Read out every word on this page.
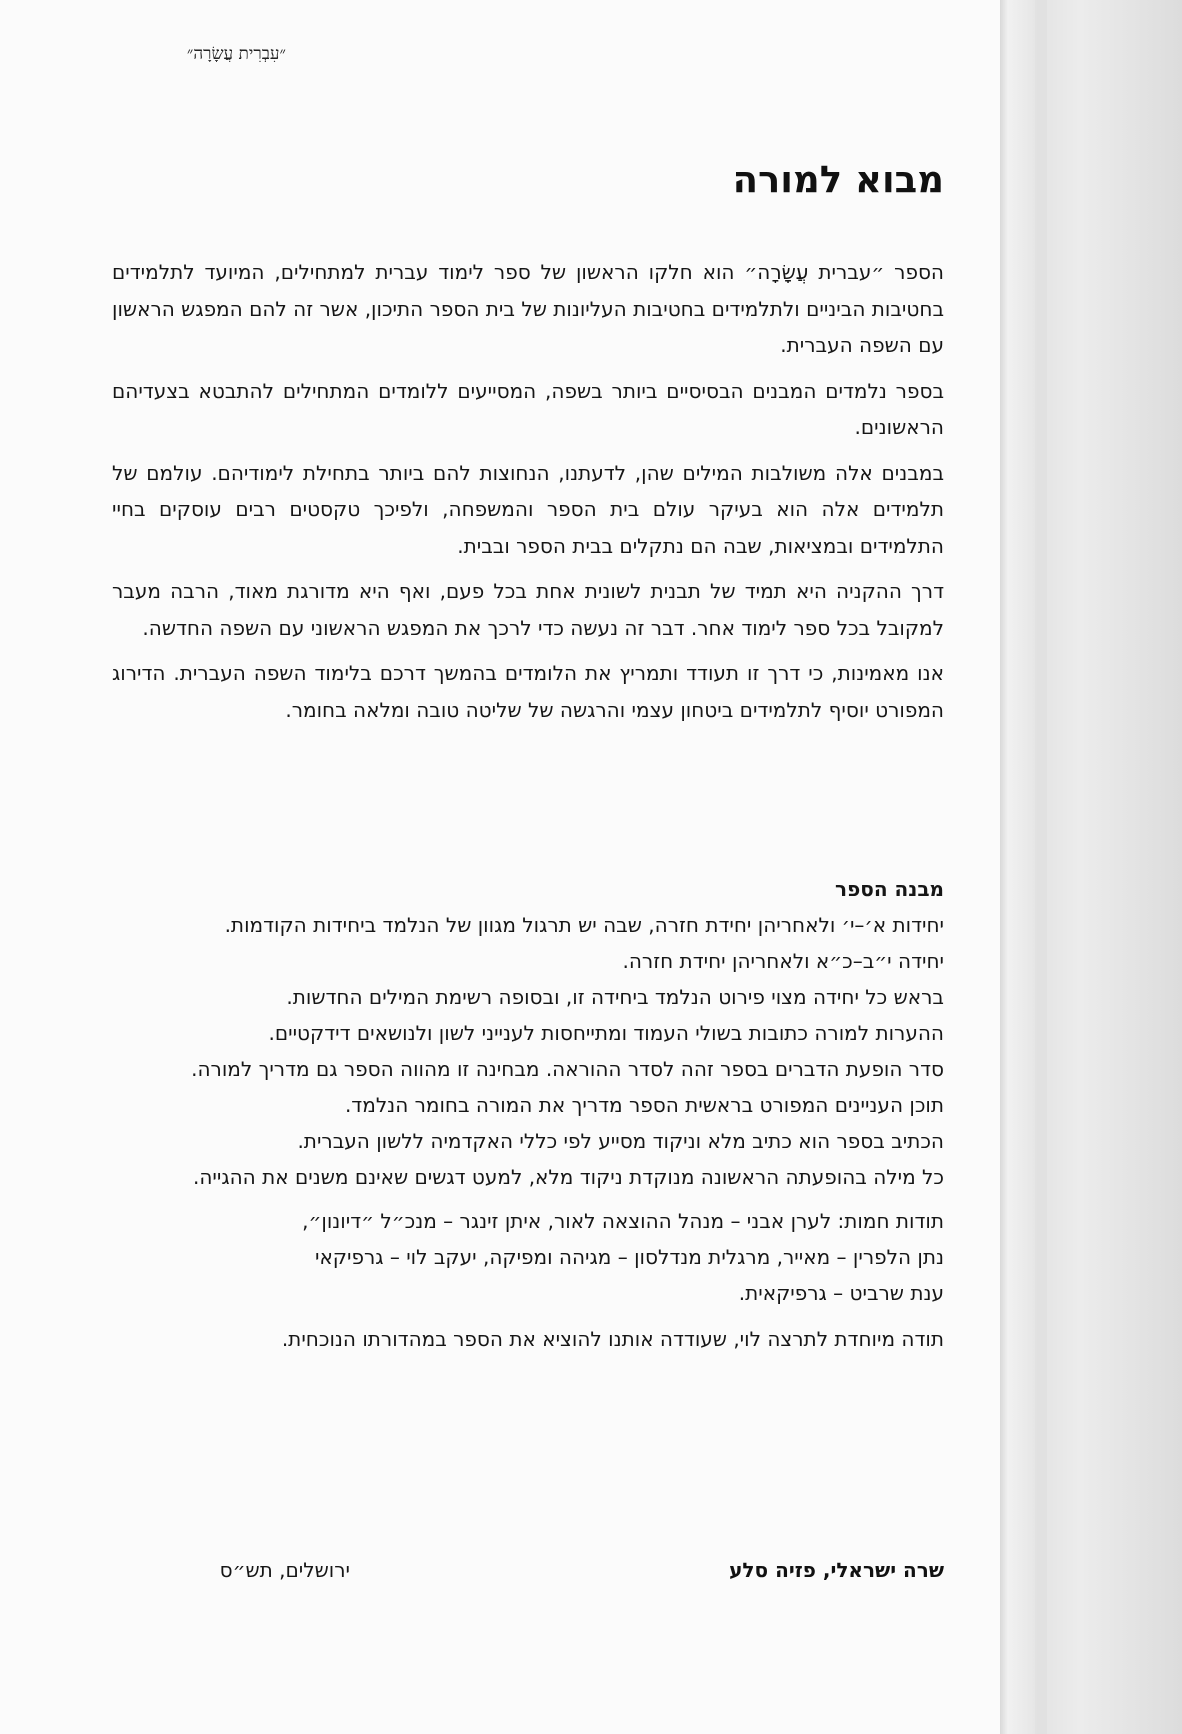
״עִבְרִית עֲשָׂרָה״
מבוא למורה

הספר ״עברית עֲשָׂרָה״ הוא חלקו הראשון של ספר לימוד עברית למתחילים, המיועד לתלמידים בחטיבות הביניים ולתלמידים בחטיבות העליונות של בית הספר התיכון, אשר זה להם המפגש הראשון עם השפה העברית.

בספר נלמדים המבנים הבסיסיים ביותר בשפה, המסייעים ללומדים המתחילים להתבטא בצעדיהם הראשונים.

במבנים אלה משולבות המילים שהן, לדעתנו, הנחוצות להם ביותר בתחילת לימודיהם. עולמם של תלמידים אלה הוא בעיקר עולם בית הספר והמשפחה, ולפיכך טקסטים רבים עוסקים בחיי התלמידים ובמציאות, שבה הם נתקלים בבית הספר ובבית.

דרך ההקניה היא תמיד של תבנית לשונית אחת בכל פעם, ואף היא מדורגת מאוד, הרבה מעבר למקובל בכל ספר לימוד אחר. דבר זה נעשה כדי לרכך את המפגש הראשוני עם השפה החדשה.

אנו מאמינות, כי דרך זו תעודד ותמריץ את הלומדים בהמשך דרכם בלימוד השפה העברית. הדירוג המפורט יוסיף לתלמידים ביטחון עצמי והרגשה של שליטה טובה ומלאה בחומר.

מבנה הספר

יחידות א׳–י׳ ולאחריהן יחידת חזרה, שבה יש תרגול מגוון של הנלמד ביחידות הקודמות.

יחידה י״ב–כ״א ולאחריהן יחידת חזרה.

בראש כל יחידה מצוי פירוט הנלמד ביחידה זו, ובסופה רשימת המילים החדשות.

ההערות למורה כתובות בשולי העמוד ומתייחסות לענייני לשון ולנושאים דידקטיים.

סדר הופעת הדברים בספר זהה לסדר ההוראה. מבחינה זו מהווה הספר גם מדריך למורה.

תוכן העניינים המפורט בראשית הספר מדריך את המורה בחומר הנלמד.

הכתיב בספר הוא כתיב מלא וניקוד מסייע לפי כללי האקדמיה ללשון העברית.

כל מילה בהופעתה הראשונה מנוקדת ניקוד מלא, למעט דגשים שאינם משנים את ההגייה.

תודות חמות: לערן אבני – מנהל ההוצאה לאור, איתן זינגר – מנכ״ל ״דיונון״,

נתן הלפרין – מאייר, מרגלית מנדלסון – מגיהה ומפיקה, יעקב לוי – גרפיקאי

ענת שרביט – גרפיקאית.

תודה מיוחדת לתרצה לוי, שעודדה אותנו להוציא את הספר במהדורתו הנוכחית.

ירושלים, תש״ס	שרה ישראלי, פזיה סלע
